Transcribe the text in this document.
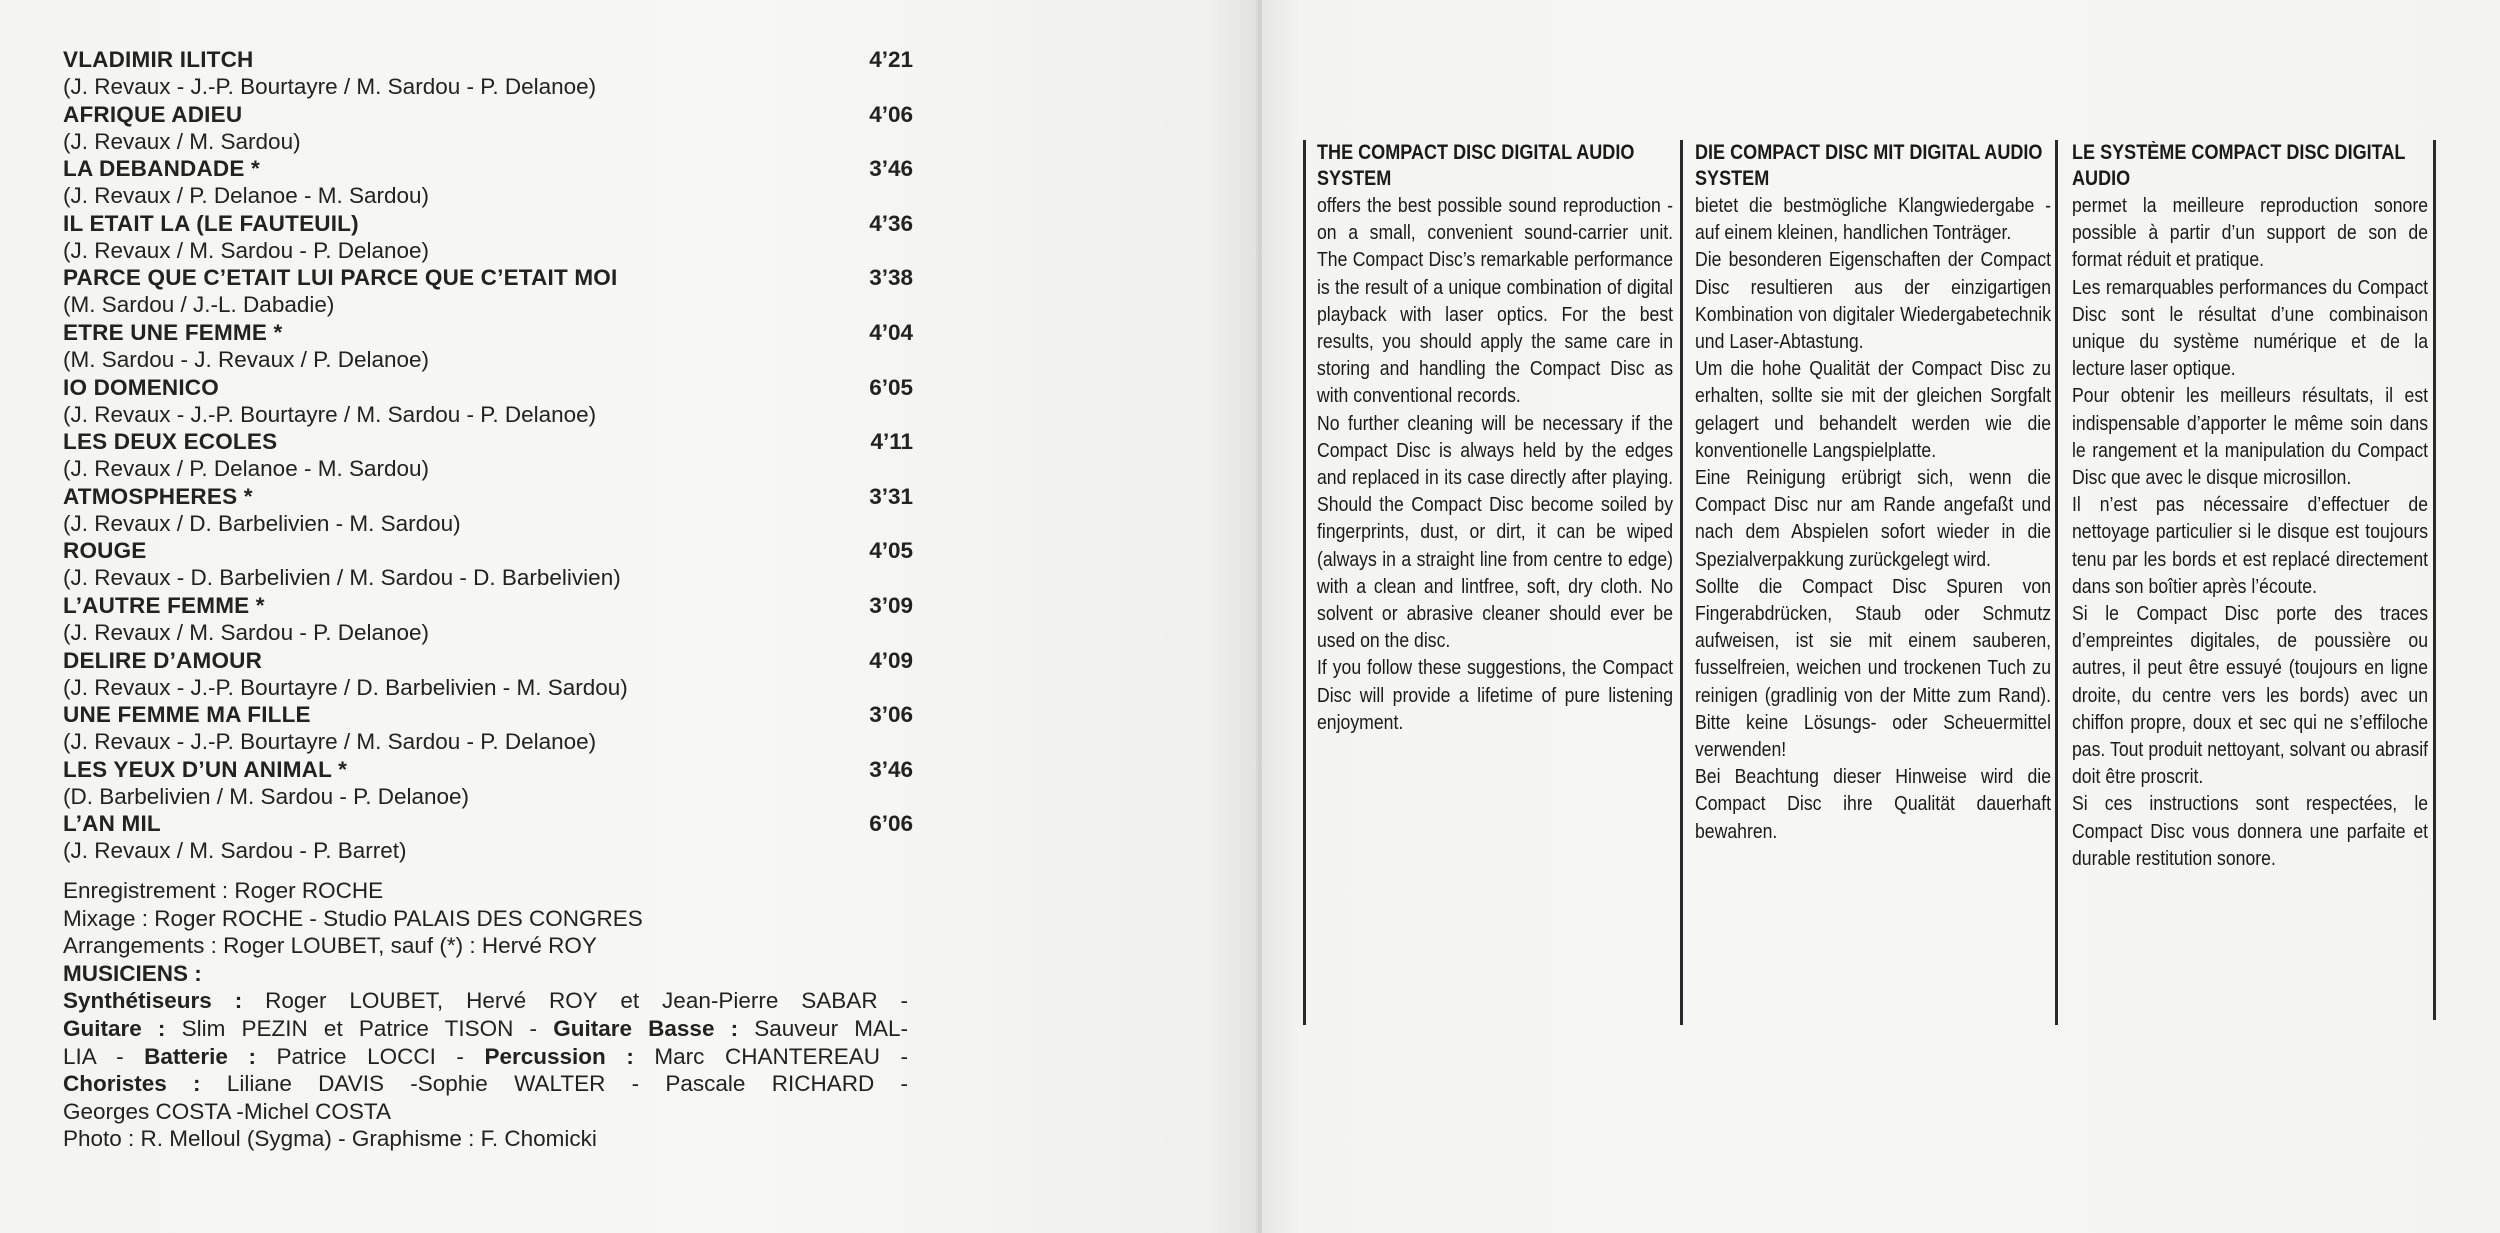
VLADIMIR ILITCH	4’21
(J. Revaux - J.-P. Bourtayre / M. Sardou - P. Delanoe)
AFRIQUE ADIEU	4’06
(J. Revaux / M. Sardou)
LA DEBANDADE *	3’46
(J. Revaux / P. Delanoe - M. Sardou)
IL ETAIT LA (LE FAUTEUIL)	4’36
(J. Revaux / M. Sardou - P. Delanoe)
PARCE QUE C’ETAIT LUI PARCE QUE C’ETAIT MOI	3’38
(M. Sardou / J.-L. Dabadie)
ETRE UNE FEMME *	4’04
(M. Sardou - J. Revaux / P. Delanoe)
IO DOMENICO	6’05
(J. Revaux - J.-P. Bourtayre / M. Sardou - P. Delanoe)
LES DEUX ECOLES	4’11
(J. Revaux / P. Delanoe - M. Sardou)
ATMOSPHERES *	3’31
(J. Revaux / D. Barbelivien - M. Sardou)
ROUGE	4’05
(J. Revaux - D. Barbelivien / M. Sardou - D. Barbelivien)
L’AUTRE FEMME *	3’09
(J. Revaux / M. Sardou - P. Delanoe)
DELIRE D’AMOUR	4’09
(J. Revaux - J.-P. Bourtayre / D. Barbelivien - M. Sardou)
UNE FEMME MA FILLE	3’06
(J. Revaux - J.-P. Bourtayre / M. Sardou - P. Delanoe)
LES YEUX D’UN ANIMAL *	3’46
(D. Barbelivien / M. Sardou - P. Delanoe)
L’AN MIL	6’06
(J. Revaux / M. Sardou - P. Barret)
Enregistrement : Roger ROCHE
Mixage : Roger ROCHE - Studio PALAIS DES CONGRES
Arrangements : Roger LOUBET, sauf (*) : Hervé ROY
MUSICIENS :
Synthétiseurs : Roger LOUBET, Hervé ROY et Jean-Pierre SABAR -
Guitare : Slim PEZIN et Patrice TISON - Guitare Basse : Sauveur MAL-
LIA - Batterie : Patrice LOCCI - Percussion : Marc CHANTEREAU -
Choristes : Liliane DAVIS -Sophie WALTER - Pascale RICHARD -
Georges COSTA -Michel COSTA
Photo : R. Melloul (Sygma) - Graphisme : F. Chomicki
THE COMPACT DISC DIGITAL AUDIO SYSTEM

offers the best possible sound reproduction - on a small, convenient sound-carrier unit. The Compact Disc’s remarkable performance is the result of a unique combination of digital playback with laser optics. For the best results, you should apply the same care in storing and handling the Compact Disc as with conventional records.

No further cleaning will be necessary if the Compact Disc is always held by the edges and replaced in its case directly after playing. Should the Compact Disc become soiled by fingerprints, dust, or dirt, it can be wiped (always in a straight line from centre to edge) with a clean and lintfree, soft, dry cloth. No solvent or abrasive cleaner should ever be used on the disc.

If you follow these suggestions, the Compact Disc will provide a lifetime of pure listening enjoyment.

DIE COMPACT DISC MIT DIGITAL AUDIO SYSTEM

bietet die bestmögliche Klangwiedergabe - auf einem kleinen, handlichen Tonträger.

Die besonderen Eigenschaften der Compact Disc resultieren aus der einzigartigen Kombination von digitaler Wiedergabetechnik und Laser-Abtastung.

Um die hohe Qualität der Compact Disc zu erhalten, sollte sie mit der gleichen Sorgfalt gelagert und behandelt werden wie die konventionelle Langspielplatte.

Eine Reinigung erübrigt sich, wenn die Compact Disc nur am Rande angefaßt und nach dem Abspielen sofort wieder in die Spezialverpakkung zurückgelegt wird.

Sollte die Compact Disc Spuren von Fingerabdrücken, Staub oder Schmutz aufweisen, ist sie mit einem sauberen, fusselfreien, weichen und trockenen Tuch zu reinigen (gradlinig von der Mitte zum Rand). Bitte keine Lösungs- oder Scheuermittel verwenden!

Bei Beachtung dieser Hinweise wird die Compact Disc ihre Qualität dauerhaft bewahren.

LE SYSTÈME COMPACT DISC DIGITAL AUDIO

permet la meilleure reproduction sonore possible à partir d’un support de son de format réduit et pratique.

Les remarquables performances du Compact Disc sont le résultat d’une combinaison unique du système numérique et de la lecture laser optique.

Pour obtenir les meilleurs résultats, il est indispensable d’apporter le même soin dans le rangement et la manipulation du Compact Disc que avec le disque microsillon.

Il n’est pas nécessaire d’effectuer de nettoyage particulier si le disque est toujours tenu par les bords et est replacé directement dans son boîtier après l’écoute.

Si le Compact Disc porte des traces d’empreintes digitales, de poussière ou autres, il peut être essuyé (toujours en ligne droite, du centre vers les bords) avec un chiffon propre, doux et sec qui ne s’effiloche pas. Tout produit nettoyant, solvant ou abrasif doit être proscrit.

Si ces instructions sont respectées, le Compact Disc vous donnera une parfaite et durable restitution sonore.
